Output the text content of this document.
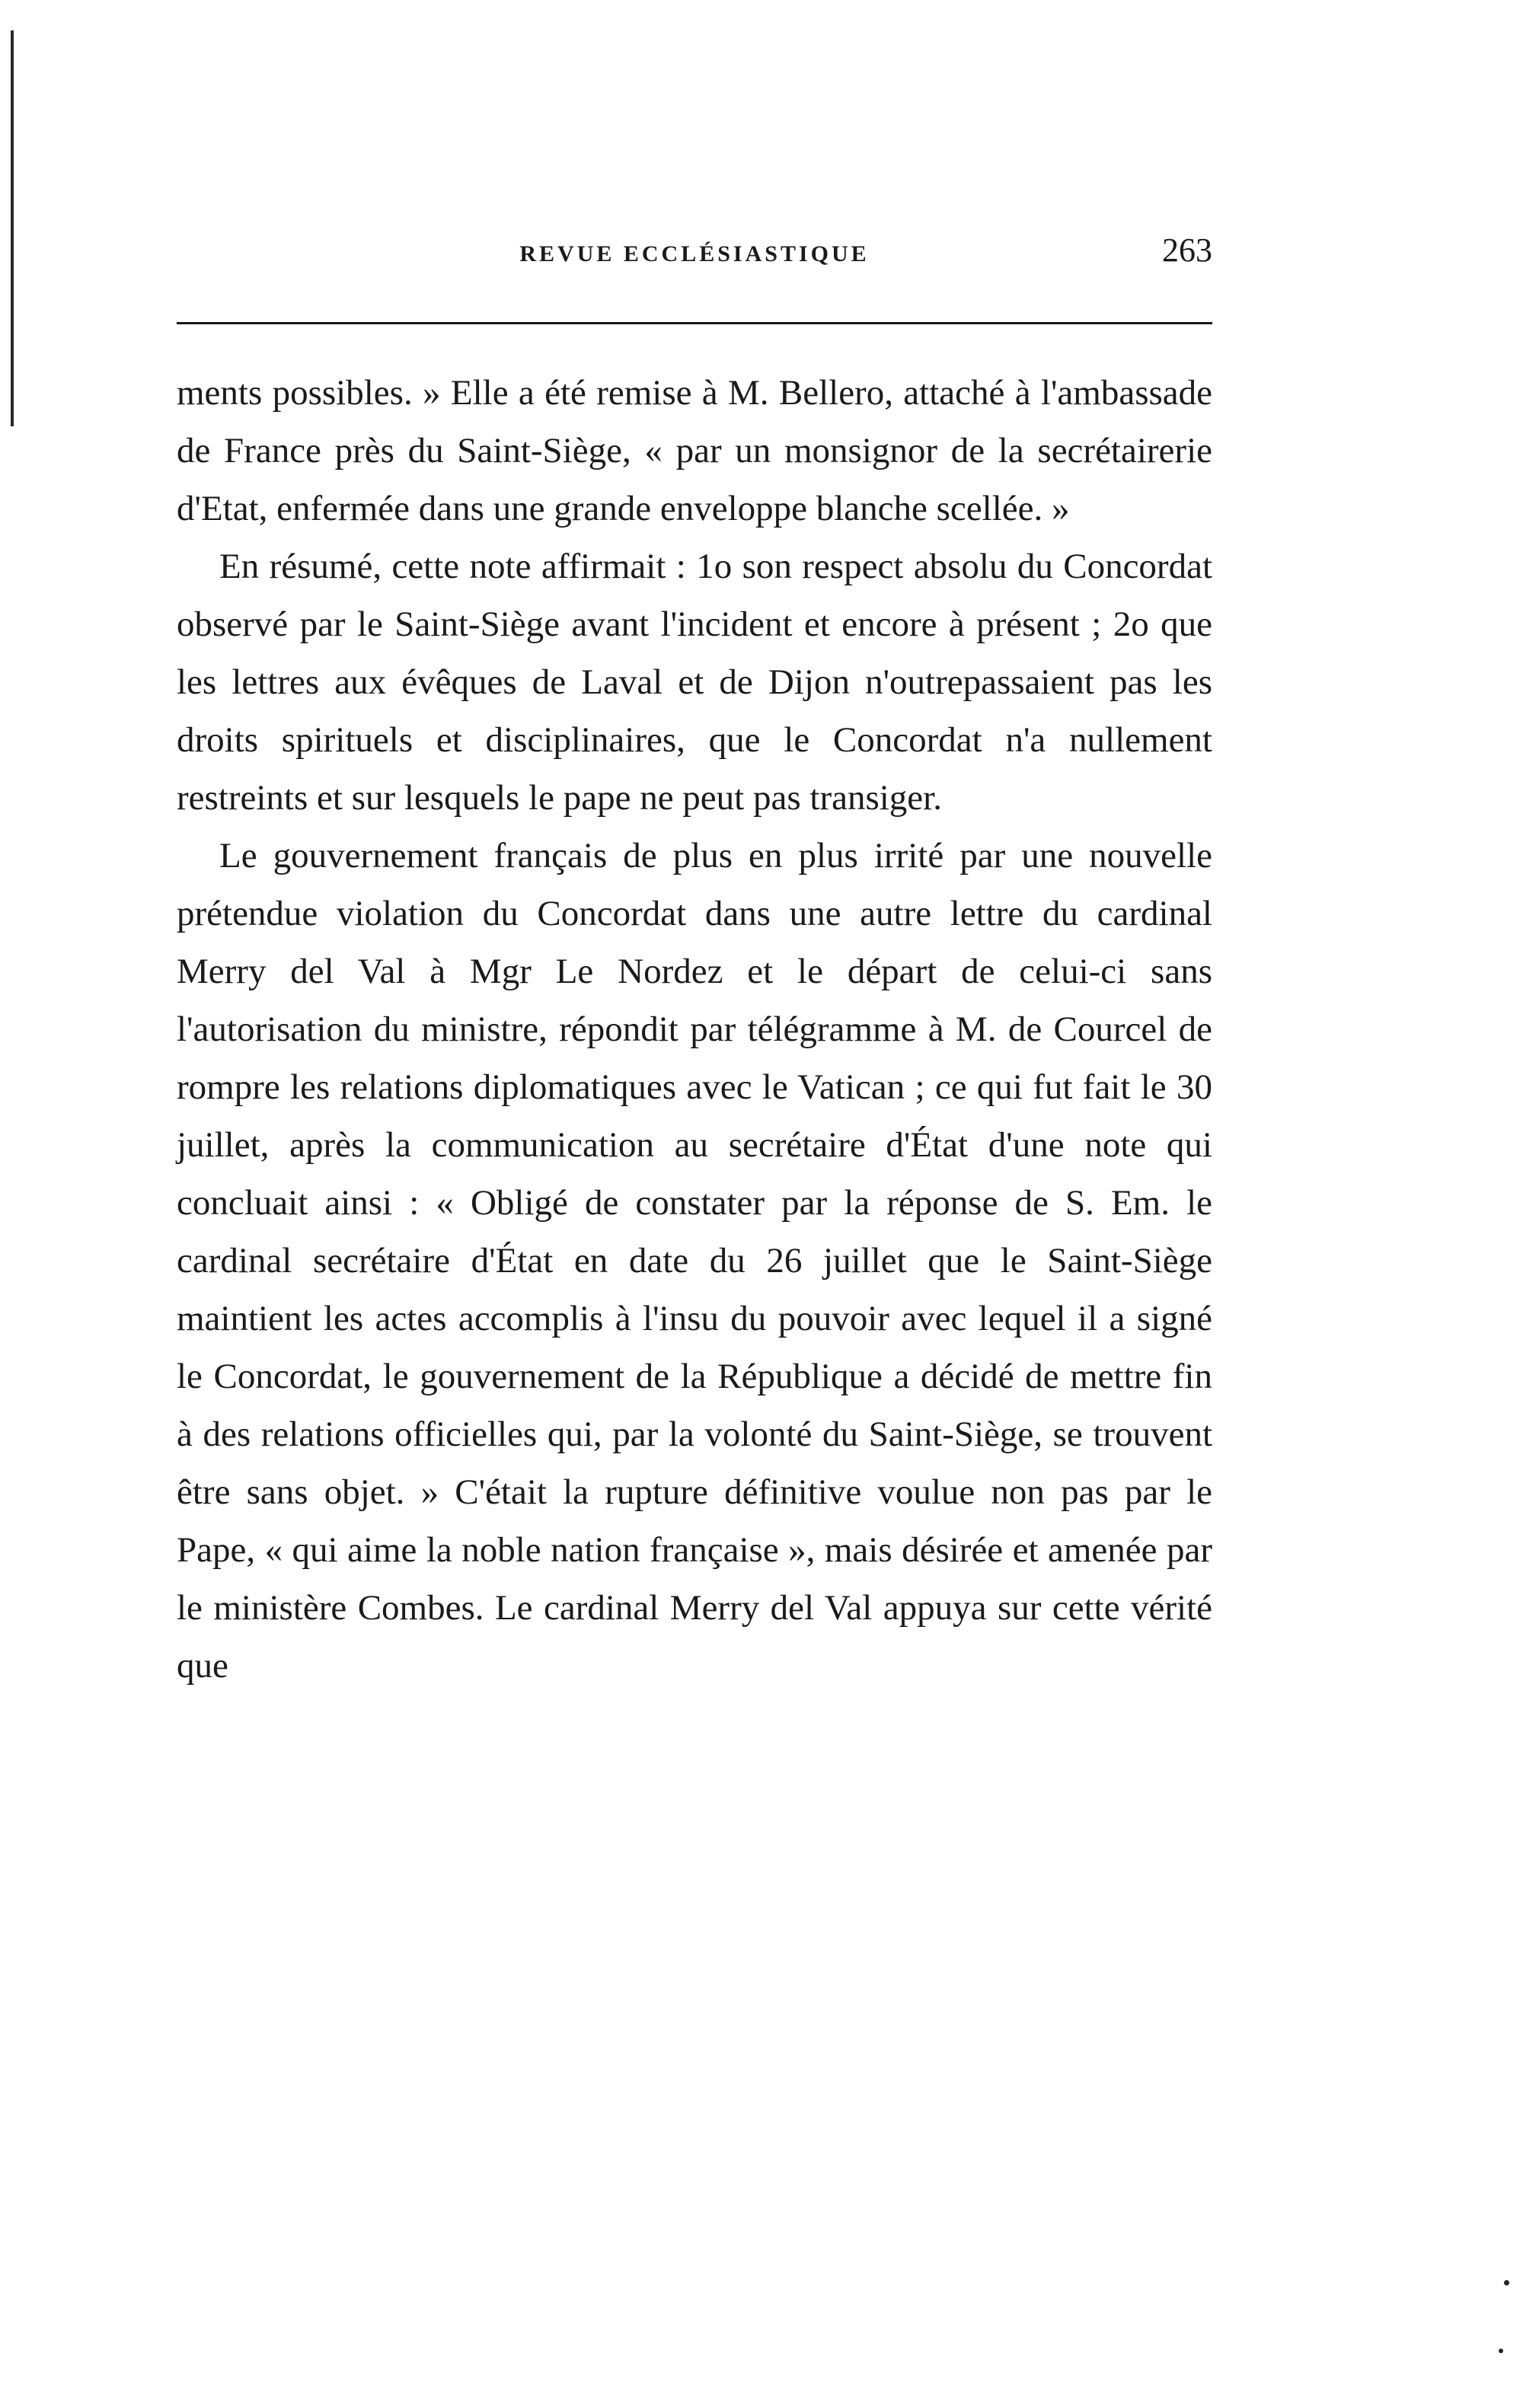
REVUE ECCLÉSIASTIQUE	263

ments possibles. » Elle a été remise à M. Bellero, attaché à l'ambassade de France près du Saint-Siège, « par un monsignor de la secrétairerie d'Etat, enfermée dans une grande enveloppe blanche scellée. »

En résumé, cette note affirmait : 1o son respect absolu du Concordat observé par le Saint-Siège avant l'incident et encore à présent ; 2o que les lettres aux évêques de Laval et de Dijon n'outrepassaient pas les droits spirituels et disciplinaires, que le Concordat n'a nullement restreints et sur lesquels le pape ne peut pas transiger.

Le gouvernement français de plus en plus irrité par une nouvelle prétendue violation du Concordat dans une autre lettre du cardinal Merry del Val à Mgr Le Nordez et le départ de celui-ci sans l'autorisation du ministre, répondit par télégramme à M. de Courcel de rompre les relations diplomatiques avec le Vatican ; ce qui fut fait le 30 juillet, après la communication au secrétaire d'État d'une note qui concluait ainsi : « Obligé de constater par la réponse de S. Em. le cardinal secrétaire d'État en date du 26 juillet que le Saint-Siège maintient les actes accomplis à l'insu du pouvoir avec lequel il a signé le Concordat, le gouvernement de la République a décidé de mettre fin à des relations officielles qui, par la volonté du Saint-Siège, se trouvent être sans objet. » C'était la rupture définitive voulue non pas par le Pape, « qui aime la noble nation française », mais désirée et amenée par le ministère Combes. Le cardinal Merry del Val appuya sur cette vérité que
